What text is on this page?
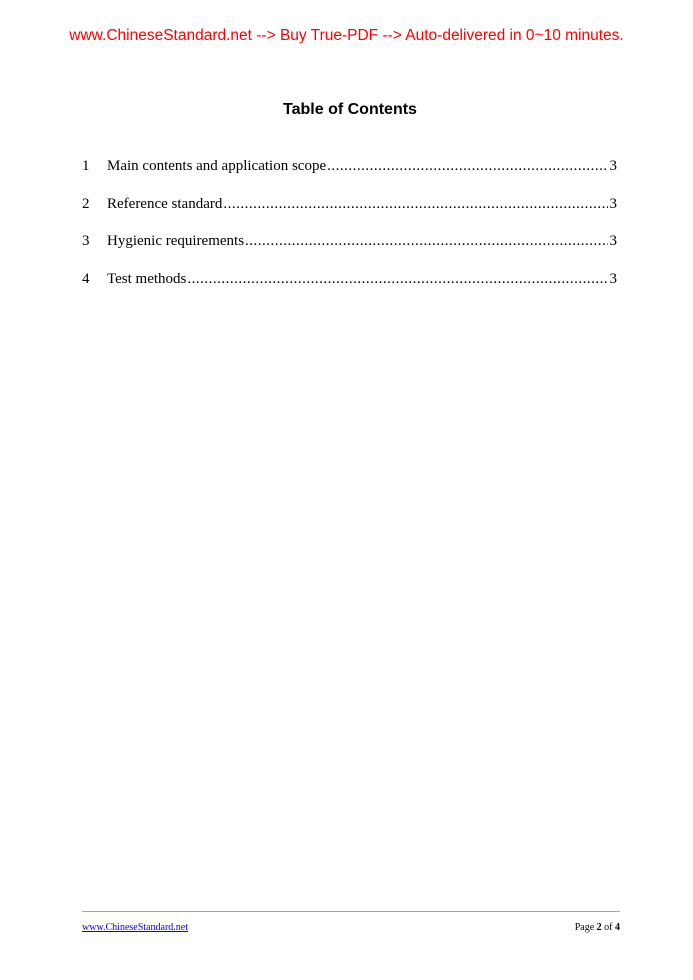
www.ChineseStandard.net --> Buy True-PDF --> Auto-delivered in 0~10 minutes.
Table of Contents
1	Main contents and application scope .....	3
2	Reference standard .....	3
3	Hygienic requirements .....	3
4	Test methods .....	3
www.ChineseStandard.net	Page 2 of 4
